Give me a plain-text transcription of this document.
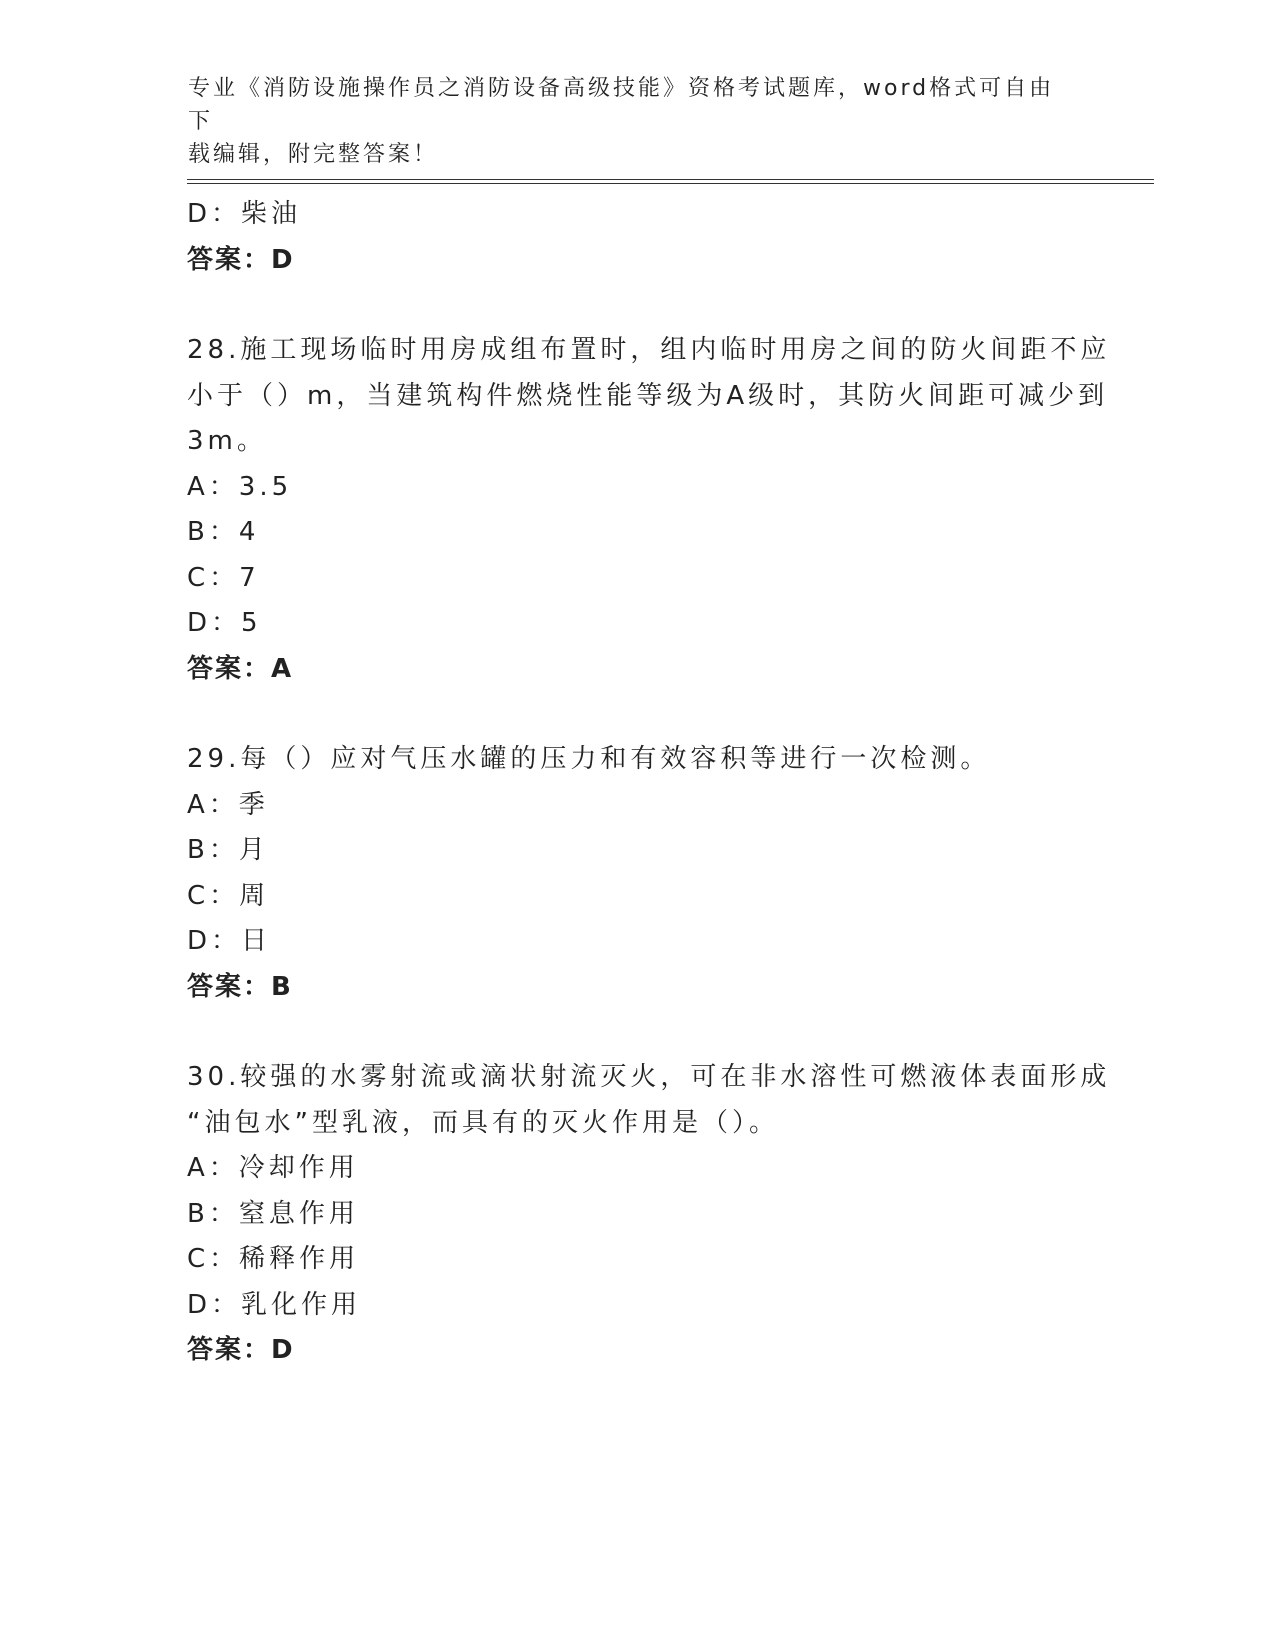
专业《消防设施操作员之消防设备高级技能》资格考试题库，word格式可自由下
载编辑，附完整答案！
D：柴油
答案：D
28.施工现场临时用房成组布置时，组内临时用房之间的防火间距不应
小于（）m，当建筑构件燃烧性能等级为A级时，其防火间距可减少到
3m。
A：3.5
B：4
C：7
D：5
答案：A
29.每（）应对气压水罐的压力和有效容积等进行一次检测。
A：季
B：月
C：周
D：日
答案：B
30.较强的水雾射流或滴状射流灭火，可在非水溶性可燃液体表面形成
“油包水”型乳液，而具有的灭火作用是（）。
A：冷却作用
B：窒息作用
C：稀释作用
D：乳化作用
答案：D
